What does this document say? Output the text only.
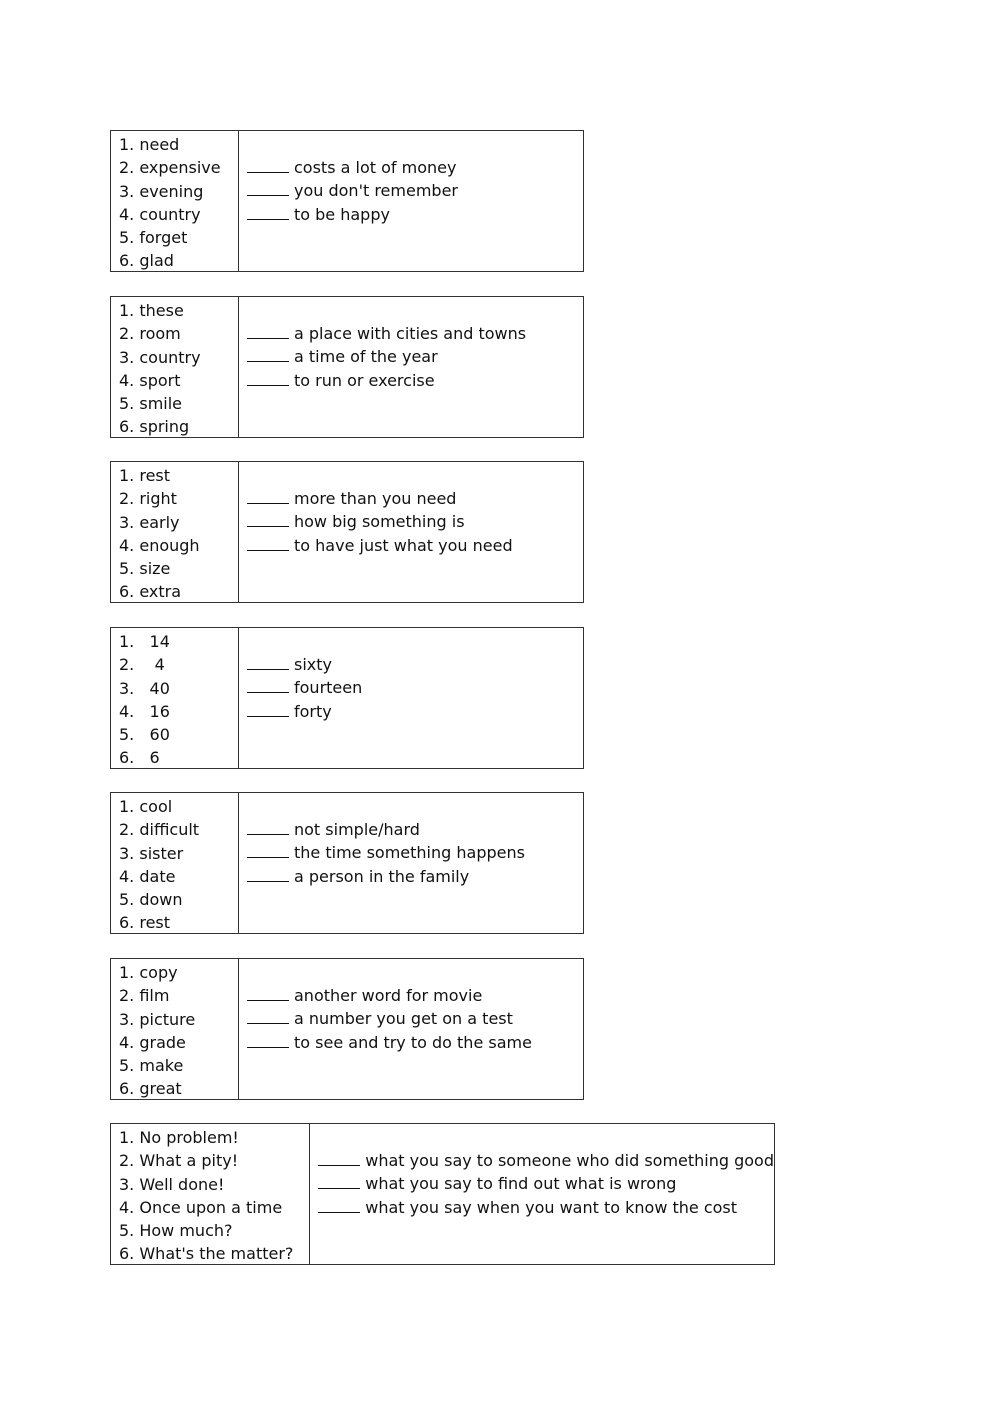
1. need
2. expensive
3. evening
4. country
5. forget
6. glad
costs a lot of money
you don't remember
to be happy
1. these
2. room
3. country
4. sport
5. smile
6. spring
a place with cities and towns
a time of the year
to run or exercise
1. rest
2. right
3. early
4. enough
5. size
6. extra
more than you need
how big something is
to have just what you need
1.   14
2.    4
3.   40
4.   16
5.   60
6.   6
sixty
fourteen
forty
1. cool
2. difficult
3. sister
4. date
5. down
6. rest
not simple/hard
the time something happens
a person in the family
1. copy
2. film
3. picture
4. grade
5. make
6. great
another word for movie
a number you get on a test
to see and try to do the same
1. No problem!
2. What a pity!
3. Well done!
4. Once upon a time
5. How much?
6. What's the matter?
what you say to someone who did something good
what you say to find out what is wrong
what you say when you want to know the cost
